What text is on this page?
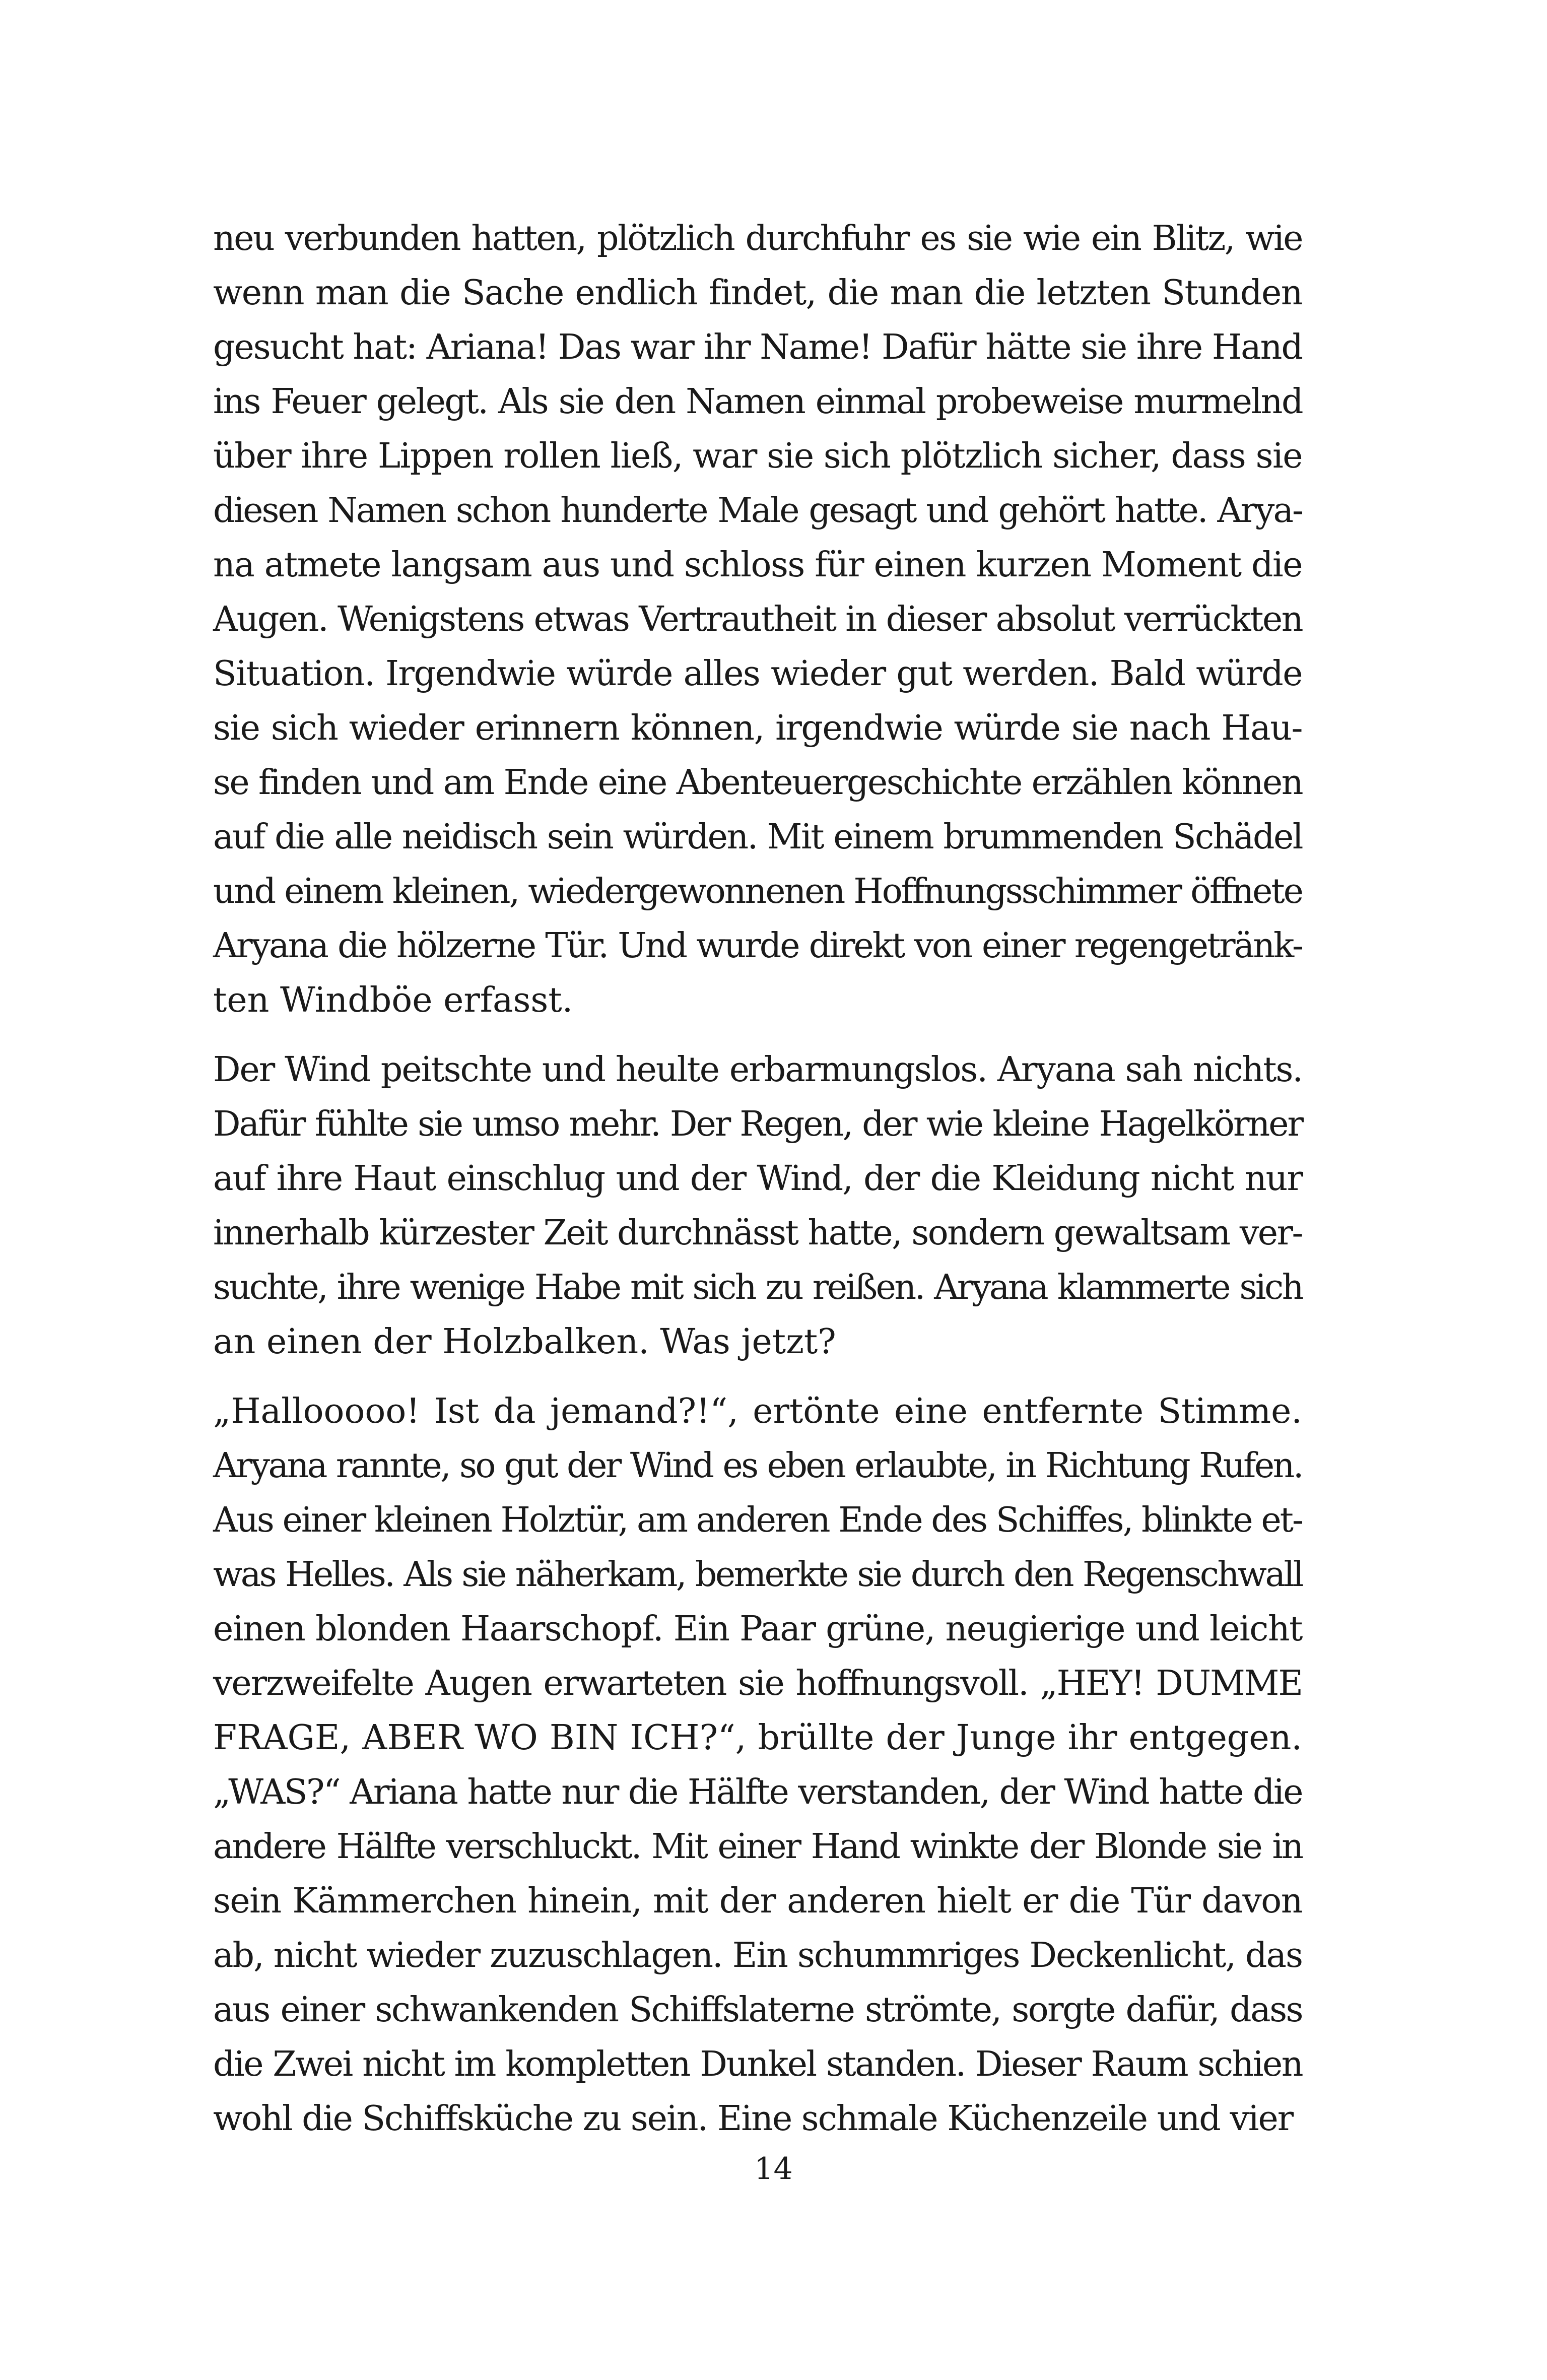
neu verbunden hatten, plötzlich durchfuhr es sie wie ein Blitz, wie
wenn man die Sache endlich findet, die man die letzten Stunden
gesucht hat: Ariana! Das war ihr Name! Dafür hätte sie ihre Hand
ins Feuer gelegt. Als sie den Namen einmal probeweise murmelnd
über ihre Lippen rollen ließ, war sie sich plötzlich sicher, dass sie
diesen Namen schon hunderte Male gesagt und gehört hatte. Arya-
na atmete langsam aus und schloss für einen kurzen Moment die
Augen. Wenigstens etwas Vertrautheit in dieser absolut verrückten
Situation. Irgendwie würde alles wieder gut werden. Bald würde
sie sich wieder erinnern können, irgendwie würde sie nach Hau-
se finden und am Ende eine Abenteuergeschichte erzählen können
auf die alle neidisch sein würden. Mit einem brummenden Schädel
und einem kleinen, wiedergewonnenen Hoffnungsschimmer öffnete
Aryana die hölzerne Tür. Und wurde direkt von einer regengetränk-
ten Windböe erfasst.
Der Wind peitschte und heulte erbarmungslos. Aryana sah nichts.
Dafür fühlte sie umso mehr. Der Regen, der wie kleine Hagelkörner
auf ihre Haut einschlug und der Wind, der die Kleidung nicht nur
innerhalb kürzester Zeit durchnässt hatte, sondern gewaltsam ver-
suchte, ihre wenige Habe mit sich zu reißen. Aryana klammerte sich
an einen der Holzbalken. Was jetzt?
„Hallooooo! Ist da jemand?!“, ertönte eine entfernte Stimme.
Aryana rannte, so gut der Wind es eben erlaubte, in Richtung Rufen.
Aus einer kleinen Holztür, am anderen Ende des Schiffes, blinkte et-
was Helles. Als sie näherkam, bemerkte sie durch den Regenschwall
einen blonden Haarschopf. Ein Paar grüne, neugierige und leicht
verzweifelte Augen erwarteten sie hoffnungsvoll. „HEY! DUMME
FRAGE, ABER WO BIN ICH?“, brüllte der Junge ihr entgegen.
„WAS?“ Ariana hatte nur die Hälfte verstanden, der Wind hatte die
andere Hälfte verschluckt. Mit einer Hand winkte der Blonde sie in
sein Kämmerchen hinein, mit der anderen hielt er die Tür davon
ab, nicht wieder zuzuschlagen. Ein schummriges Deckenlicht, das
aus einer schwankenden Schiffslaterne strömte, sorgte dafür, dass
die Zwei nicht im kompletten Dunkel standen. Dieser Raum schien
wohl die Schiffsküche zu sein. Eine schmale Küchenzeile und vier
14
